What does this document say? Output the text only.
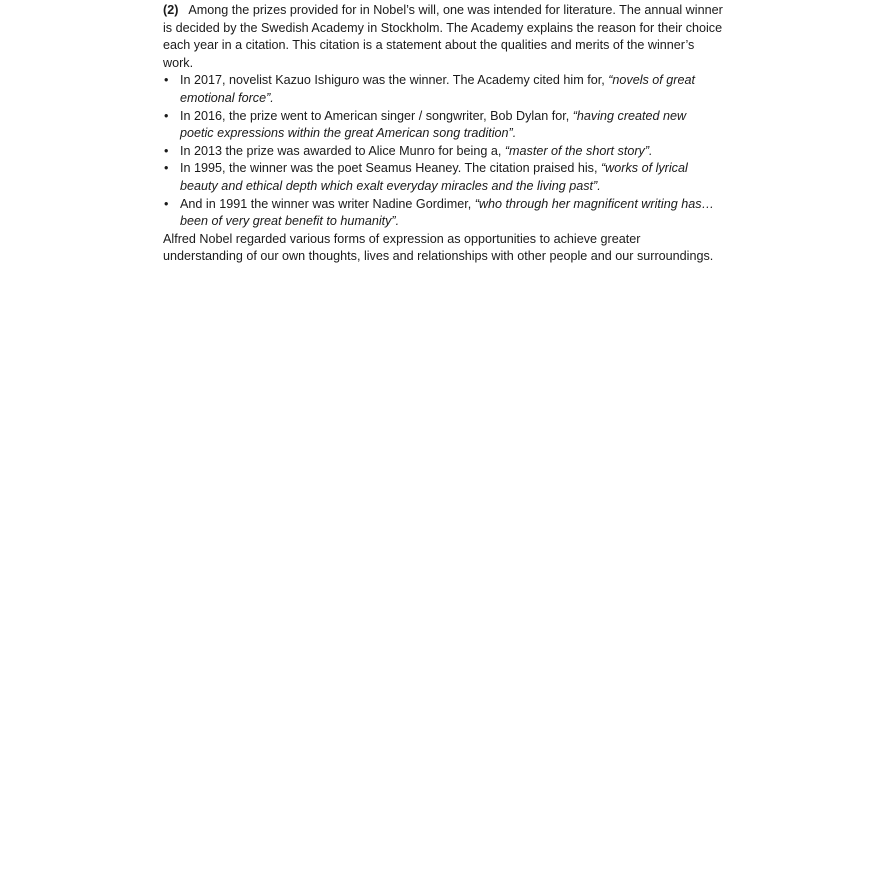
(2) Among the prizes provided for in Nobel’s will, one was intended for literature. The annual winner is decided by the Swedish Academy in Stockholm. The Academy explains the reason for their choice each year in a citation. This citation is a statement about the qualities and merits of the winner’s work.

• In 2017, novelist Kazuo Ishiguro was the winner. The Academy cited him for, “novels of great emotional force”.
• In 2016, the prize went to American singer / songwriter, Bob Dylan for, “having created new poetic expressions within the great American song tradition”.
• In 2013 the prize was awarded to Alice Munro for being a, “master of the short story”.
• In 1995, the winner was the poet Seamus Heaney. The citation praised his, “works of lyrical beauty and ethical depth which exalt everyday miracles and the living past”.
• And in 1991 the winner was writer Nadine Gordimer, “who through her magnificent writing has… been of very great benefit to humanity”.

Alfred Nobel regarded various forms of expression as opportunities to achieve greater understanding of our own thoughts, lives and relationships with other people and our surroundings.
